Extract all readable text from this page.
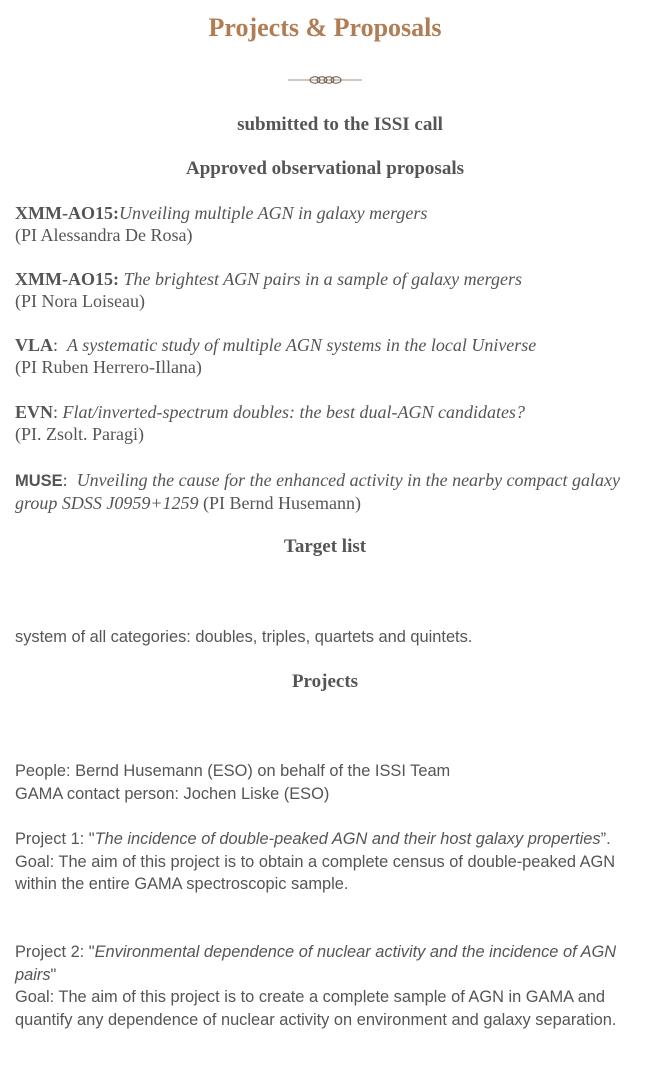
Projects & Proposals
submitted to the ISSI call
Approved observational proposals
XMM-AO15:Unveiling multiple AGN in galaxy mergers
(PI Alessandra De Rosa)
XMM-AO15: The brightest AGN pairs in a sample of galaxy mergers
(PI Nora Loiseau)
VLA:  A systematic study of multiple AGN systems in the local Universe
(PI Ruben Herrero-Illana)
EVN: Flat/inverted-spectrum doubles: the best dual-AGN candidates?
(PI. Zsolt. Paragi)
MUSE:  Unveiling the cause for the enhanced activity in the nearby compact galaxy group SDSS J0959+1259 (PI Bernd Husemann)
Target list
system of all categories: doubles, triples, quartets and quintets.
Projects
People: Bernd Husemann (ESO) on behalf of the ISSI Team
GAMA contact person: Jochen Liske (ESO)
Project 1: "The incidence of double-peaked AGN and their host galaxy properties”.
Goal: The aim of this project is to obtain a complete census of double-peaked AGN within the entire GAMA spectroscopic sample.
Project 2: "Environmental dependence of nuclear activity and the incidence of AGN pairs"
Goal: The aim of this project is to create a complete sample of AGN in GAMA and quantify any dependence of nuclear activity on environment and galaxy separation.
